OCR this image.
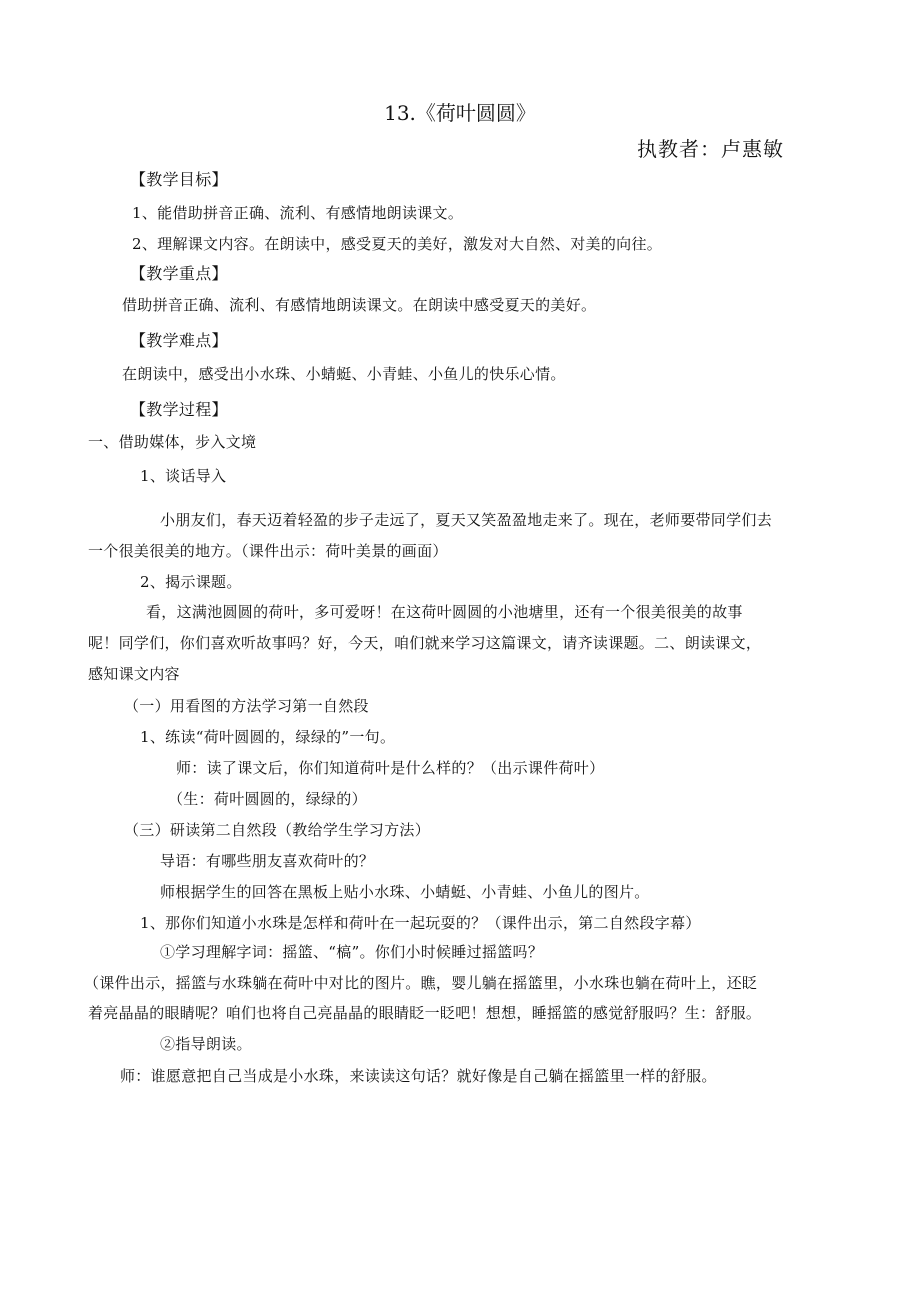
13.《荷叶圆圆》
执教者：卢惠敏
【教学目标】
1、能借助拼音正确、流利、有感情地朗读课文。
2、理解课文内容。在朗读中，感受夏天的美好，激发对大自然、对美的向往。
【教学重点】
借助拼音正确、流利、有感情地朗读课文。在朗读中感受夏天的美好。
【教学难点】
在朗读中，感受出小水珠、小蜻蜓、小青蛙、小鱼儿的快乐心情。
【教学过程】
一、借助媒体，步入文境
1、谈话导入
小朋友们，春天迈着轻盈的步子走远了，夏天又笑盈盈地走来了。现在，老师要带同学们去
一个很美很美的地方。（课件出示：荷叶美景的画面）
2、揭示课题。
看，这满池圆圆的荷叶，多可爱呀！在这荷叶圆圆的小池塘里，还有一个很美很美的故事
呢！同学们，你们喜欢听故事吗？好，今天，咱们就来学习这篇课文，请齐读课题。二、朗读课文，
感知课文内容
（一）用看图的方法学习第一自然段
1、练读“荷叶圆圆的，绿绿的”一句。
师：读了课文后，你们知道荷叶是什么样的？（出示课件荷叶）
（生：荷叶圆圆的，绿绿的）
（三）研读第二自然段（教给学生学习方法）
导语：有哪些朋友喜欢荷叶的？
师根据学生的回答在黑板上贴小水珠、小蜻蜓、小青蛙、小鱼儿的图片。
1、那你们知道小水珠是怎样和荷叶在一起玩耍的？（课件出示，第二自然段字幕）
①学习理解字词：摇篮、“槁”。你们小时候睡过摇篮吗？
（课件出示，摇篮与水珠躺在荷叶中对比的图片。瞧，婴儿躺在摇篮里，小水珠也躺在荷叶上，还眨
着亮晶晶的眼睛呢？咱们也将自己亮晶晶的眼睛眨一眨吧！想想，睡摇篮的感觉舒服吗？生：舒服。
②指导朗读。
师：谁愿意把自己当成是小水珠，来读读这句话？就好像是自己躺在摇篮里一样的舒服。
